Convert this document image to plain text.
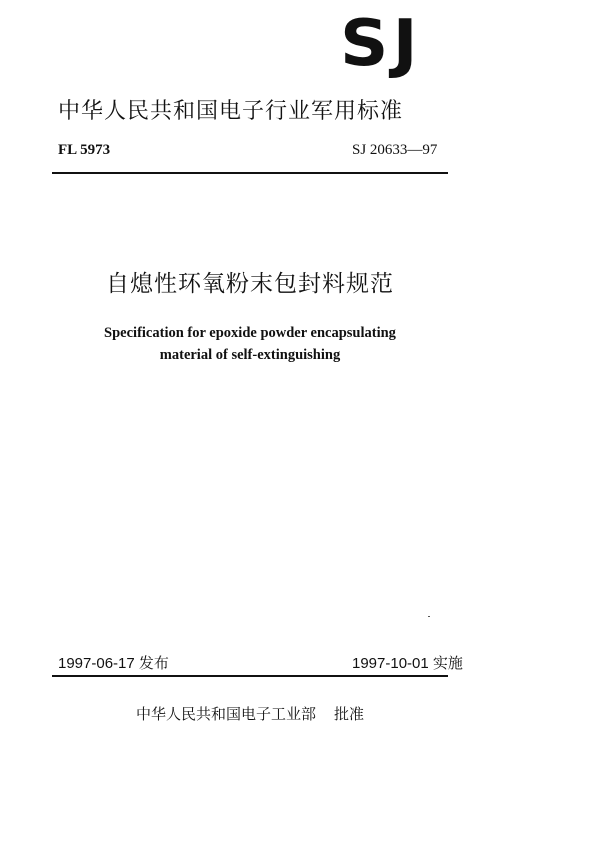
SJ
中华人民共和国电子行业军用标准
FL 5973	SJ 20633—97
自熄性环氧粉末包封料规范
Specification for epoxide powder encapsulating
material of self-extinguishing
1997-06-17 发布	1997-10-01 实施
中华人民共和国电子工业部 批准
